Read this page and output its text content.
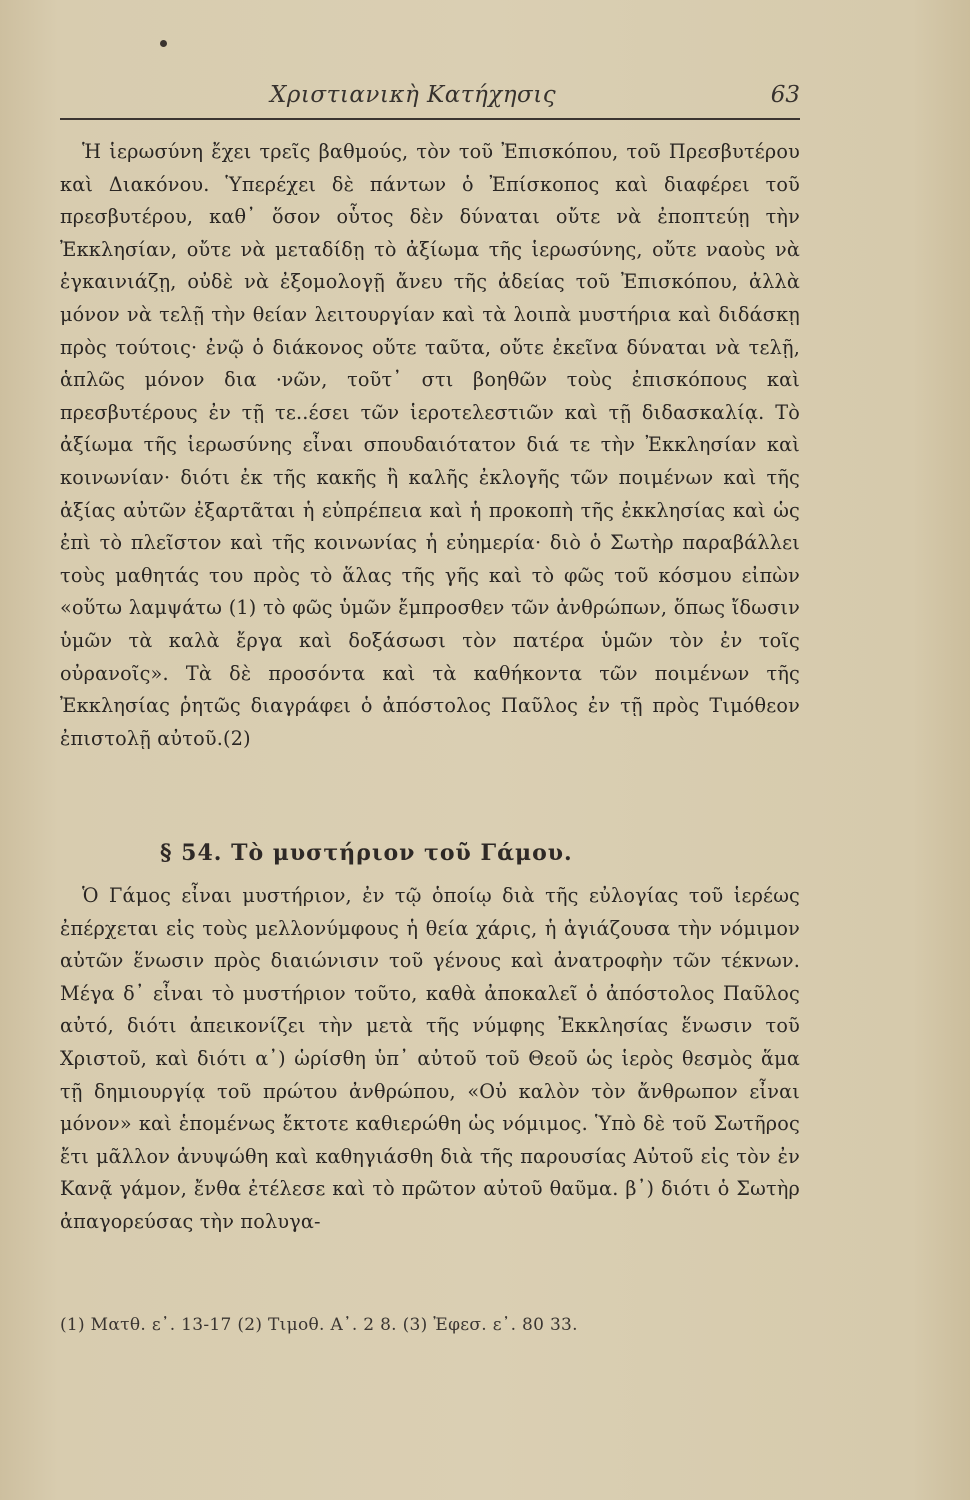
Χριστιανικὴ Κατήχησις	63

Ἡ ἱερωσύνη ἔχει τρεῖς βαθμούς, τὸν τοῦ Ἐπισκόπου, τοῦ Πρεσβυτέρου καὶ Διακόνου. Ὑπερέχει δὲ πάντων ὁ Ἐπίσκοπος καὶ διαφέρει τοῦ πρεσβυτέρου, καθ᾽ ὅσον οὗτος δὲν δύναται οὔτε νὰ ἐποπτεύῃ τὴν Ἐκκλησίαν, οὔτε νὰ μεταδίδῃ τὸ ἀξίωμα τῆς ἱερωσύνης, οὔτε ναοὺς νὰ ἐγκαινιάζῃ, οὐδὲ νὰ ἐξομολογῇ ἄνευ τῆς ἀδείας τοῦ Ἐπισκόπου, ἀλλὰ μόνον νὰ τελῇ τὴν θείαν λειτουργίαν καὶ τὰ λοιπὰ μυστήρια καὶ διδάσκῃ πρὸς τούτοις· ἐνῷ ὁ διάκονος οὔτε ταῦτα, οὔτε ἐκεῖνα δύναται νὰ τελῇ, ἁπλῶς μόνον δια ⸱νῶν, τοῦτ᾽ στι βοηθῶν τοὺς ἐπισκόπους καὶ πρεσβυτέρους ἐν τῇ τε..έσει τῶν ἱεροτελεστιῶν καὶ τῇ διδασκαλίᾳ. Τὸ ἀξίωμα τῆς ἱερωσύνης εἶναι σπουδαιότατον διά τε τὴν Ἐκκλησίαν καὶ κοινωνίαν· διότι ἐκ τῆς κακῆς ἢ καλῆς ἐκλογῆς τῶν ποιμένων καὶ τῆς ἀξίας αὐτῶν ἐξαρτᾶται ἡ εὐπρέπεια καὶ ἡ προκοπὴ τῆς ἐκκλησίας καὶ ὡς ἐπὶ τὸ πλεῖστον καὶ τῆς κοινωνίας ἡ εὐημερία· διὸ ὁ Σωτὴρ παραβάλλει τοὺς μαθητάς του πρὸς τὸ ἅλας τῆς γῆς καὶ τὸ φῶς τοῦ κόσμου εἰπὼν «οὕτω λαμψάτω (1) τὸ φῶς ὑμῶν ἔμπροσθεν τῶν ἀνθρώπων, ὅπως ἴδωσιν ὑμῶν τὰ καλὰ ἔργα καὶ δοξάσωσι τὸν πατέρα ὑμῶν τὸν ἐν τοῖς οὐρανοῖς». Τὰ δὲ προσόντα καὶ τὰ καθήκοντα τῶν ποιμένων τῆς Ἐκκλησίας ῥητῶς διαγράφει ὁ ἀπόστολος Παῦλος ἐν τῇ πρὸς Τιμόθεον ἐπιστολῇ αὐτοῦ.(2)

§ 54. Τὸ μυστήριον τοῦ Γάμου.

Ὁ Γάμος εἶναι μυστήριον, ἐν τῷ ὁποίῳ διὰ τῆς εὐλογίας τοῦ ἱερέως ἐπέρχεται εἰς τοὺς μελλονύμφους ἡ θεία χάρις, ἡ ἁγιάζουσα τὴν νόμιμον αὐτῶν ἕνωσιν πρὸς διαιώνισιν τοῦ γένους καὶ ἀνατροφὴν τῶν τέκνων. Μέγα δ᾽ εἶναι τὸ μυστήριον τοῦτο, καθὰ ἀποκαλεῖ ὁ ἀπόστολος Παῦλος αὐτό, διότι ἀπεικονίζει τὴν μετὰ τῆς νύμφης Ἐκκλησίας ἕνωσιν τοῦ Χριστοῦ, καὶ διότι α᾽) ὡρίσθη ὑπ᾽ αὐτοῦ τοῦ Θεοῦ ὡς ἱερὸς θεσμὸς ἅμα τῇ δημιουργίᾳ τοῦ πρώτου ἀνθρώπου, «Οὐ καλὸν τὸν ἄνθρωπον εἶναι μόνον» καὶ ἑπομένως ἔκτοτε καθιερώθη ὡς νόμιμος. Ὑπὸ δὲ τοῦ Σωτῆρος ἔτι μᾶλλον ἀνυψώθη καὶ καθηγιάσθη διὰ τῆς παρουσίας Αὐτοῦ εἰς τὸν ἐν Κανᾷ γάμον, ἔνθα ἐτέλεσε καὶ τὸ πρῶτον αὐτοῦ θαῦμα. β᾽) διότι ὁ Σωτὴρ ἀπαγορεύσας τὴν πολυγα-

(1) Ματθ. ε᾽. 13-17 (2) Τιμοθ. Α᾽. 2 8. (3) Ἐφεσ. ε᾽. 80 33.
